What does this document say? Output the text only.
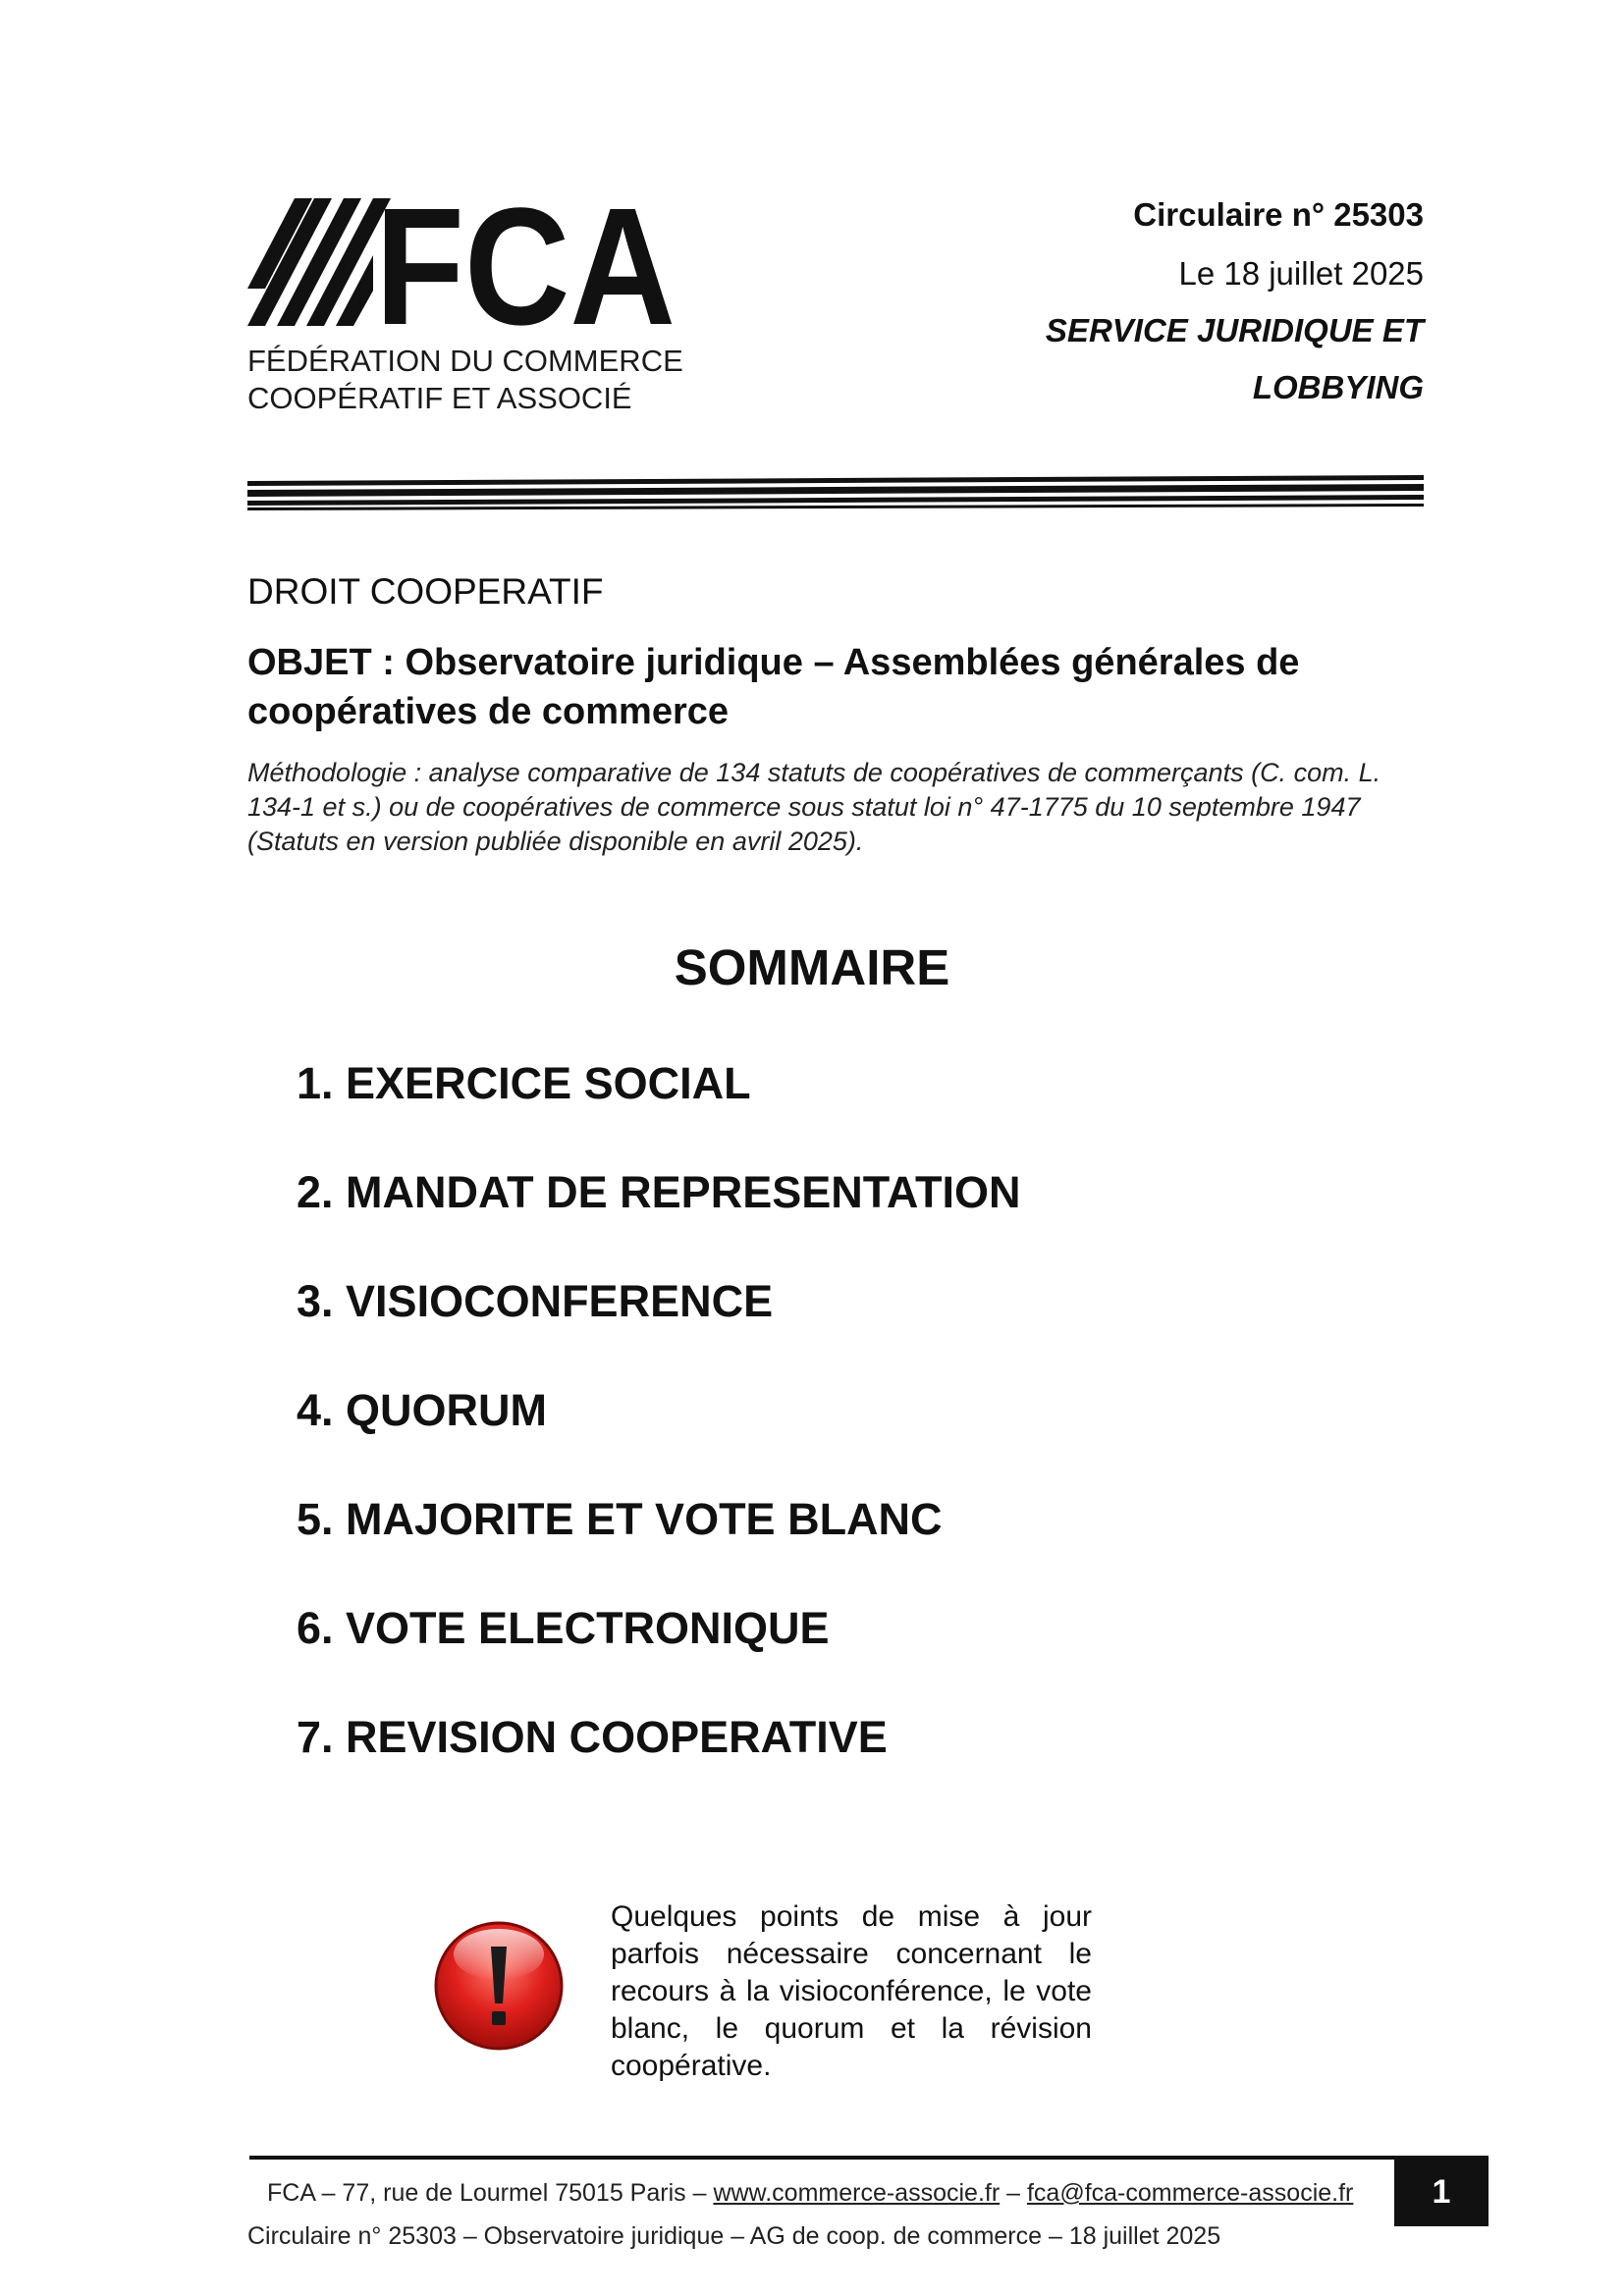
FCA
FÉDÉRATION DU COMMERCE
COOPÉRATIF ET ASSOCIÉ
Circulaire n° 25303
Le 18 juillet 2025
SERVICE JURIDIQUE ET
LOBBYING
DROIT COOPERATIF
OBJET : Observatoire juridique – Assemblées générales de coopératives de commerce
Méthodologie : analyse comparative de 134 statuts de coopératives de commerçants (C. com. L. 134-1 et s.) ou de coopératives de commerce sous statut loi n° 47-1775 du 10 septembre 1947 (Statuts en version publiée disponible en avril 2025).
SOMMAIRE
1. EXERCICE SOCIAL
2. MANDAT DE REPRESENTATION
3. VISIOCONFERENCE
4. QUORUM
5. MAJORITE ET VOTE BLANC
6. VOTE ELECTRONIQUE
7. REVISION COOPERATIVE
Quelques points de mise à jour parfois nécessaire concernant le recours à la visioconférence, le vote blanc, le quorum et la révision coopérative.
FCA – 77, rue de Lourmel 75015 Paris – www.commerce-associe.fr – fca@fca-commerce-associe.fr	1
Circulaire n° 25303 – Observatoire juridique – AG de coop. de commerce – 18 juillet 2025
